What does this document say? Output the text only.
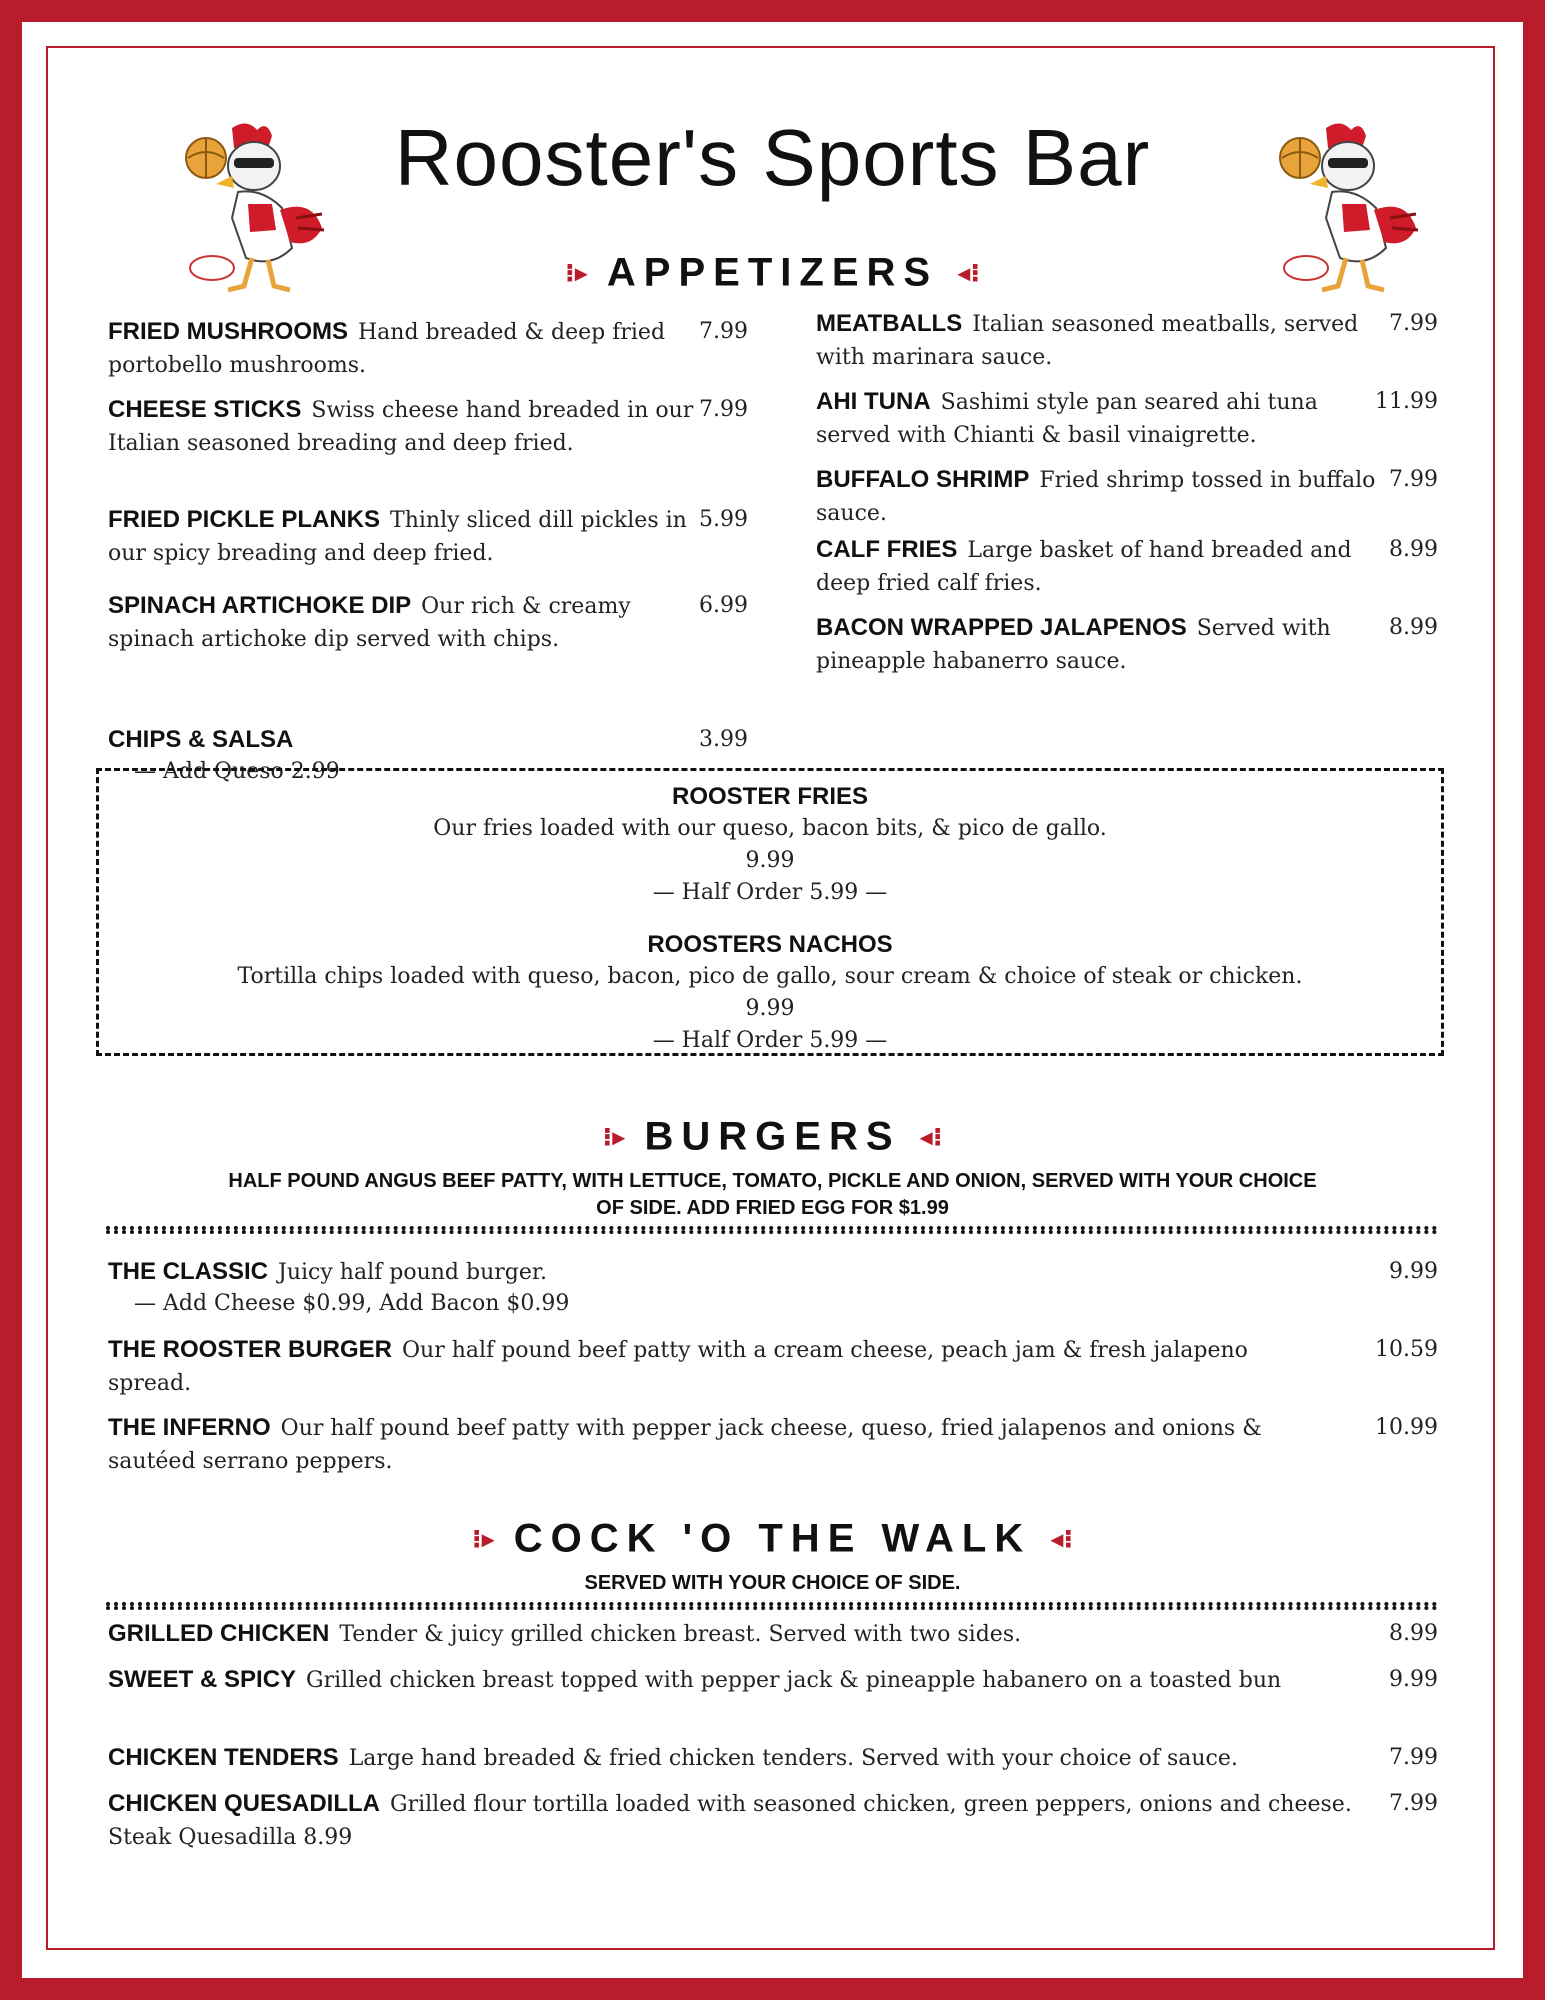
Rooster's Sports Bar
⁝▸ APPETIZERS ◂⁝
FRIED MUSHROOMS Hand breaded & deep fried portobello mushrooms.
7.99
CHEESE STICKS Swiss cheese hand breaded in our Italian seasoned breading and deep fried.
7.99
FRIED PICKLE PLANKS Thinly sliced dill pickles in our spicy breading and deep fried.
5.99
SPINACH ARTICHOKE DIP Our rich & creamy spinach artichoke dip served with chips.
6.99
CHIPS & SALSA	3.99
— Add Queso 2.99
MEATBALLS Italian seasoned meatballs, served with marinara sauce.
7.99
AHI TUNA Sashimi style pan seared ahi tuna served with Chianti & basil vinaigrette.
11.99
BUFFALO SHRIMP Fried shrimp tossed in buffalo sauce.
7.99
CALF FRIES Large basket of hand breaded and deep fried calf fries.
8.99
BACON WRAPPED JALAPENOS Served with pineapple habanerro sauce.
8.99
ROOSTER FRIES
Our fries loaded with our queso, bacon bits, & pico de gallo.
9.99
— Half Order 5.99 —
ROOSTERS NACHOS
Tortilla chips loaded with queso, bacon, pico de gallo, sour cream & choice of steak or chicken.
9.99
— Half Order 5.99 —
⁝▸ BURGERS ◂⁝
HALF POUND ANGUS BEEF PATTY, WITH LETTUCE, TOMATO, PICKLE AND ONION, SERVED WITH YOUR CHOICE
OF SIDE. ADD FRIED EGG FOR $1.99
THE CLASSIC Juicy half pound burger.	9.99
— Add Cheese $0.99, Add Bacon $0.99
THE ROOSTER BURGER Our half pound beef patty with a cream cheese, peach jam & fresh jalapeno spread.
10.59
THE INFERNO Our half pound beef patty with pepper jack cheese, queso, fried jalapenos and onions & sautéed serrano peppers.
10.99
⁝▸ COCK 'O THE WALK ◂⁝
SERVED WITH YOUR CHOICE OF SIDE.
GRILLED CHICKEN Tender & juicy grilled chicken breast. Served with two sides.	8.99
SWEET & SPICY Grilled chicken breast topped with pepper jack & pineapple habanero on a toasted bun	9.99
CHICKEN TENDERS Large hand breaded & fried chicken tenders. Served with your choice of sauce.	7.99
CHICKEN QUESADILLA Grilled flour tortilla loaded with seasoned chicken, green peppers, onions and cheese. Steak Quesadilla 8.99
7.99
